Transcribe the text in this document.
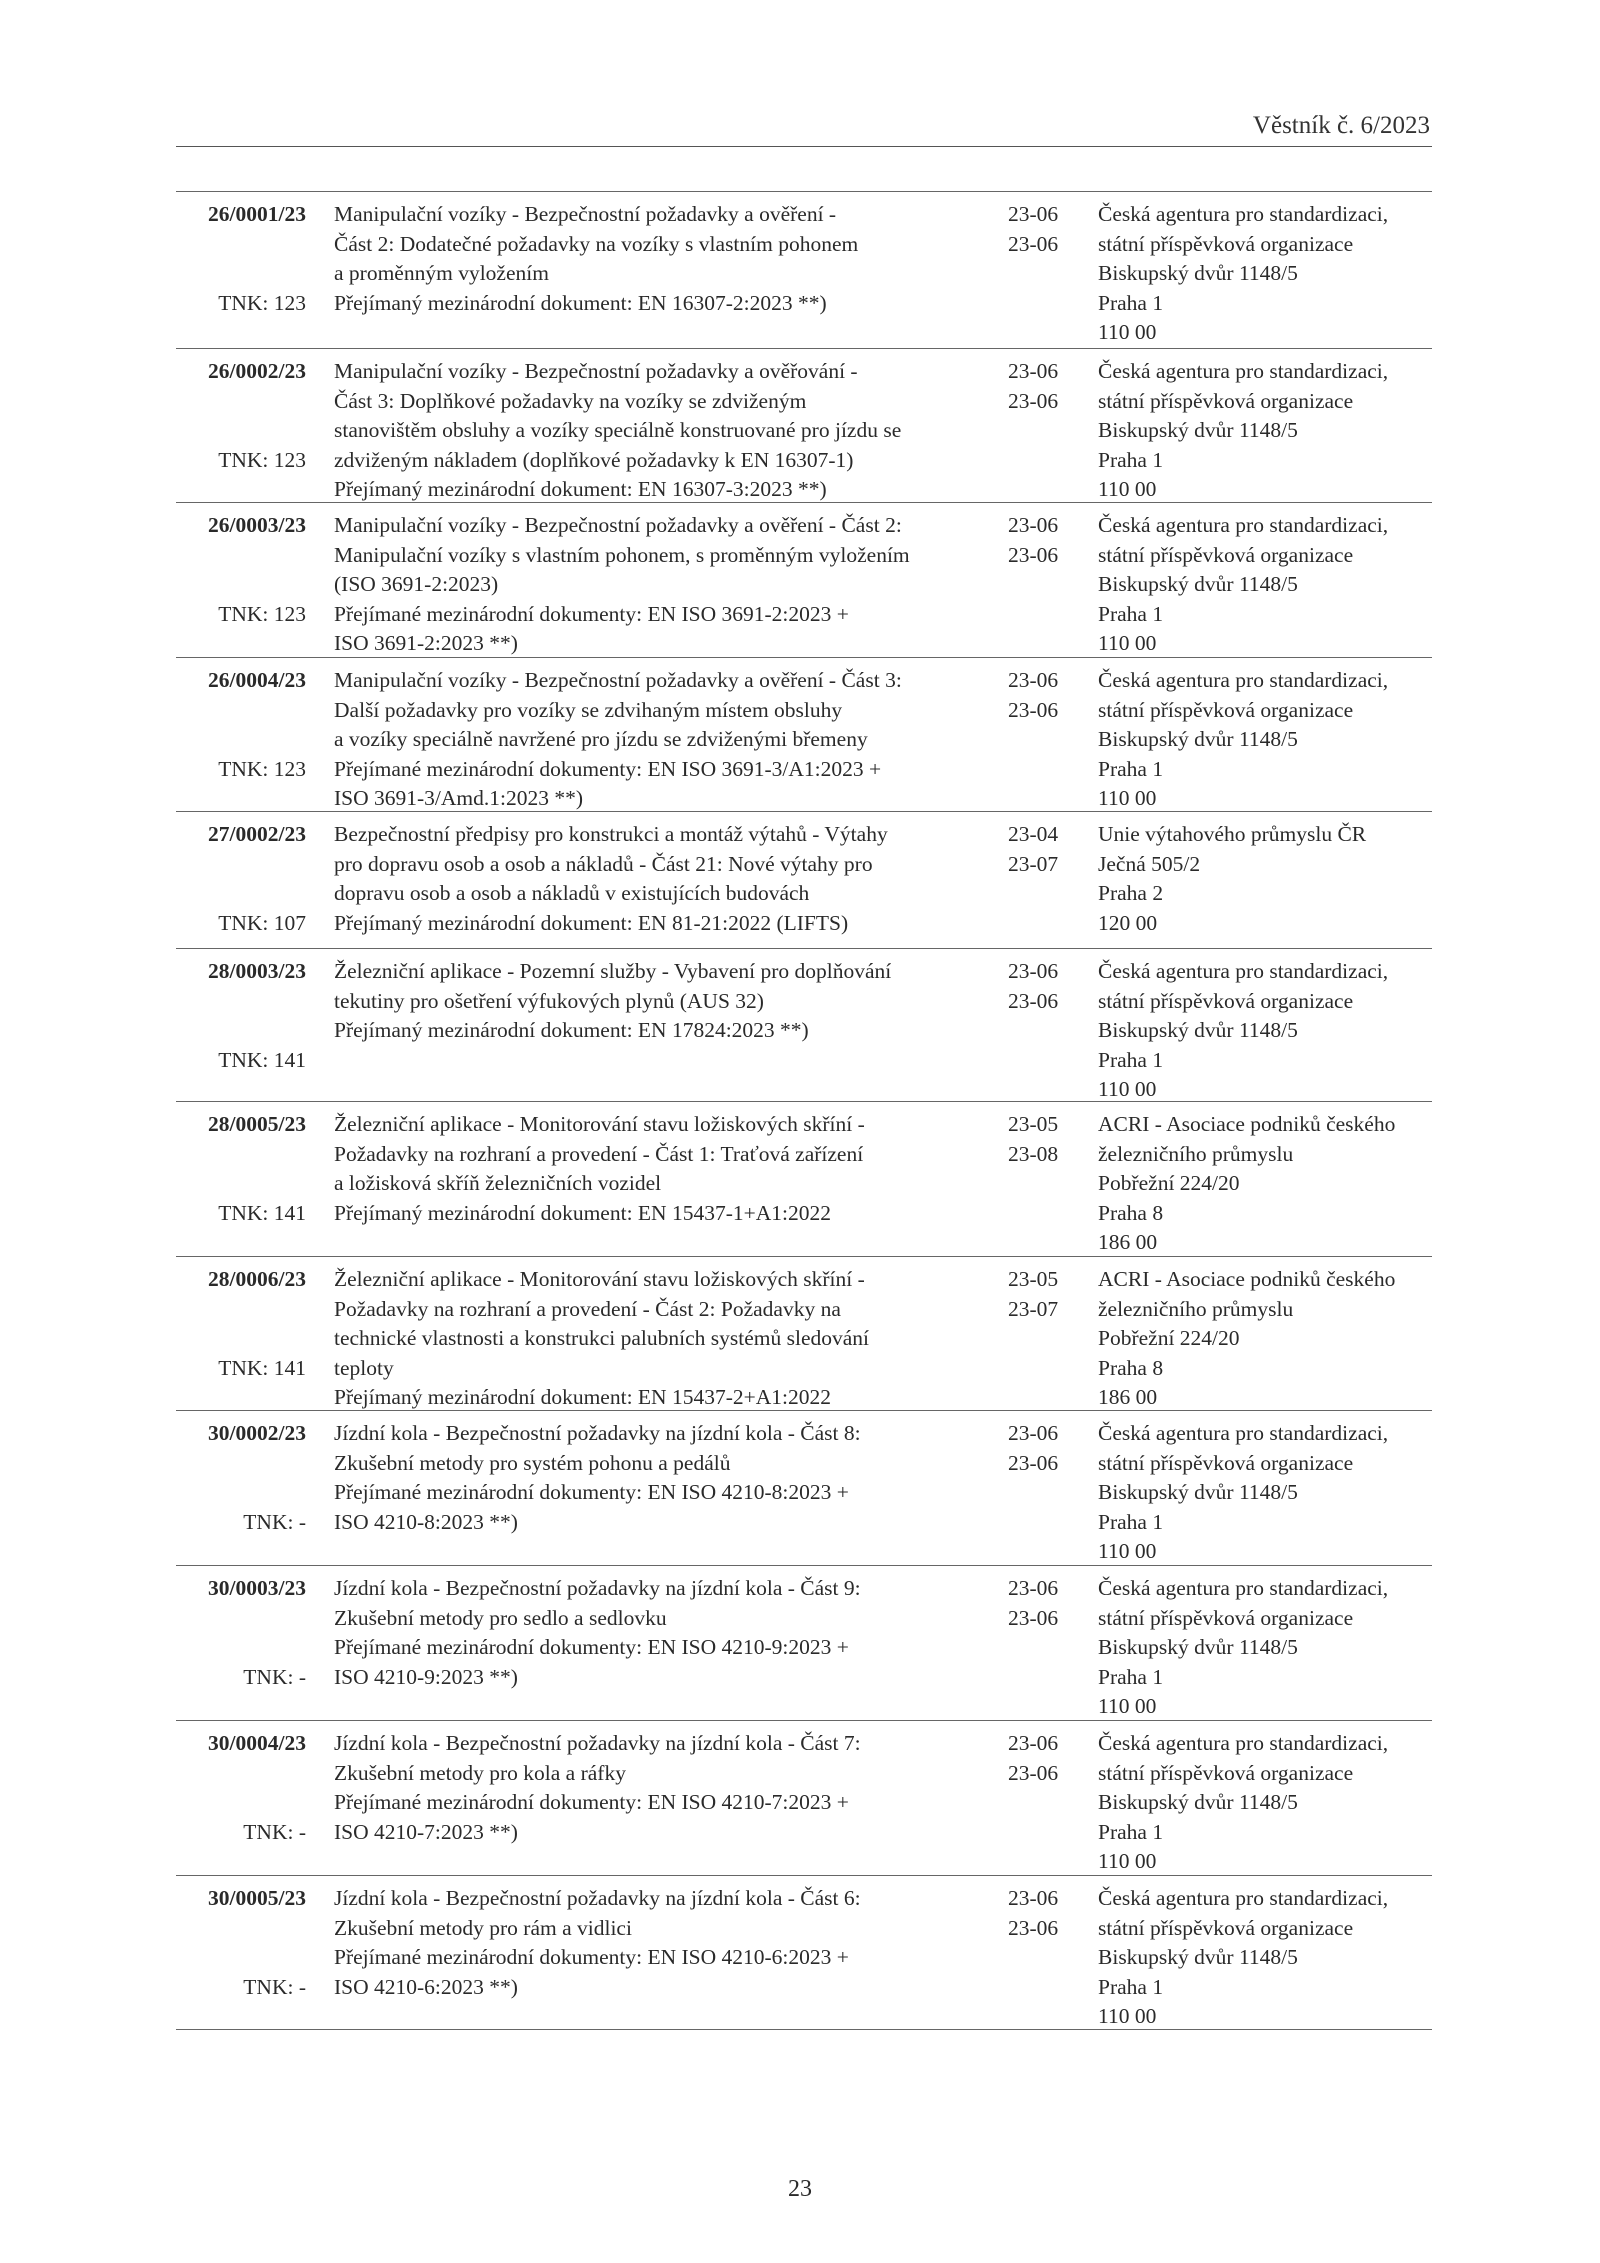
Věstník č. 6/2023
26/0001/23
TNK: 123
Manipulační vozíky - Bezpečnostní požadavky a ověření -
Část 2: Dodatečné požadavky na vozíky s vlastním pohonem
a proměnným vyložením
Přejímaný mezinárodní dokument: EN 16307-2:2023 **)
23-06
23-06
Česká agentura pro standardizaci,
státní příspěvková organizace
Biskupský dvůr 1148/5
Praha 1
110 00
26/0002/23
TNK: 123
Manipulační vozíky - Bezpečnostní požadavky a ověřování -
Část 3: Doplňkové požadavky na vozíky se zdviženým
stanovištěm obsluhy a vozíky speciálně konstruované pro jízdu se
zdviženým nákladem (doplňkové požadavky k EN 16307-1)
Přejímaný mezinárodní dokument: EN 16307-3:2023 **)
23-06
23-06
Česká agentura pro standardizaci,
státní příspěvková organizace
Biskupský dvůr 1148/5
Praha 1
110 00
26/0003/23
TNK: 123
Manipulační vozíky - Bezpečnostní požadavky a ověření - Část 2:
Manipulační vozíky s vlastním pohonem, s proměnným vyložením
(ISO 3691-2:2023)
Přejímané mezinárodní dokumenty: EN ISO 3691-2:2023 +
ISO 3691-2:2023 **)
23-06
23-06
Česká agentura pro standardizaci,
státní příspěvková organizace
Biskupský dvůr 1148/5
Praha 1
110 00
26/0004/23
TNK: 123
Manipulační vozíky - Bezpečnostní požadavky a ověření - Část 3:
Další požadavky pro vozíky se zdvihaným místem obsluhy
a vozíky speciálně navržené pro jízdu se zdviženými břemeny
Přejímané mezinárodní dokumenty: EN ISO 3691-3/A1:2023 +
ISO 3691-3/Amd.1:2023 **)
23-06
23-06
Česká agentura pro standardizaci,
státní příspěvková organizace
Biskupský dvůr 1148/5
Praha 1
110 00
27/0002/23
TNK: 107
Bezpečnostní předpisy pro konstrukci a montáž výtahů - Výtahy
pro dopravu osob a osob a nákladů - Část 21: Nové výtahy pro
dopravu osob a osob a nákladů v existujících budovách
Přejímaný mezinárodní dokument: EN 81-21:2022 (LIFTS)
23-04
23-07
Unie výtahového průmyslu ČR
Ječná 505/2
Praha 2
120 00
28/0003/23
TNK: 141
Železniční aplikace - Pozemní služby - Vybavení pro doplňování
tekutiny pro ošetření výfukových plynů (AUS 32)
Přejímaný mezinárodní dokument: EN 17824:2023 **)
23-06
23-06
Česká agentura pro standardizaci,
státní příspěvková organizace
Biskupský dvůr 1148/5
Praha 1
110 00
28/0005/23
TNK: 141
Železniční aplikace - Monitorování stavu ložiskových skříní -
Požadavky na rozhraní a provedení - Část 1: Traťová zařízení
a ložisková skříň železničních vozidel
Přejímaný mezinárodní dokument: EN 15437-1+A1:2022
23-05
23-08
ACRI - Asociace podniků českého
železničního průmyslu
Pobřežní 224/20
Praha 8
186 00
28/0006/23
TNK: 141
Železniční aplikace - Monitorování stavu ložiskových skříní -
Požadavky na rozhraní a provedení - Část 2: Požadavky na
technické vlastnosti a konstrukci palubních systémů sledování
teploty
Přejímaný mezinárodní dokument: EN 15437-2+A1:2022
23-05
23-07
ACRI - Asociace podniků českého
železničního průmyslu
Pobřežní 224/20
Praha 8
186 00
30/0002/23
TNK: -
Jízdní kola - Bezpečnostní požadavky na jízdní kola - Část 8:
Zkušební metody pro systém pohonu a pedálů
Přejímané mezinárodní dokumenty: EN ISO 4210-8:2023 +
ISO 4210-8:2023 **)
23-06
23-06
Česká agentura pro standardizaci,
státní příspěvková organizace
Biskupský dvůr 1148/5
Praha 1
110 00
30/0003/23
TNK: -
Jízdní kola - Bezpečnostní požadavky na jízdní kola - Část 9:
Zkušební metody pro sedlo a sedlovku
Přejímané mezinárodní dokumenty: EN ISO 4210-9:2023 +
ISO 4210-9:2023 **)
23-06
23-06
Česká agentura pro standardizaci,
státní příspěvková organizace
Biskupský dvůr 1148/5
Praha 1
110 00
30/0004/23
TNK: -
Jízdní kola - Bezpečnostní požadavky na jízdní kola - Část 7:
Zkušební metody pro kola a ráfky
Přejímané mezinárodní dokumenty: EN ISO 4210-7:2023 +
ISO 4210-7:2023 **)
23-06
23-06
Česká agentura pro standardizaci,
státní příspěvková organizace
Biskupský dvůr 1148/5
Praha 1
110 00
30/0005/23
TNK: -
Jízdní kola - Bezpečnostní požadavky na jízdní kola - Část 6:
Zkušební metody pro rám a vidlici
Přejímané mezinárodní dokumenty: EN ISO 4210-6:2023 +
ISO 4210-6:2023 **)
23-06
23-06
Česká agentura pro standardizaci,
státní příspěvková organizace
Biskupský dvůr 1148/5
Praha 1
110 00
23
